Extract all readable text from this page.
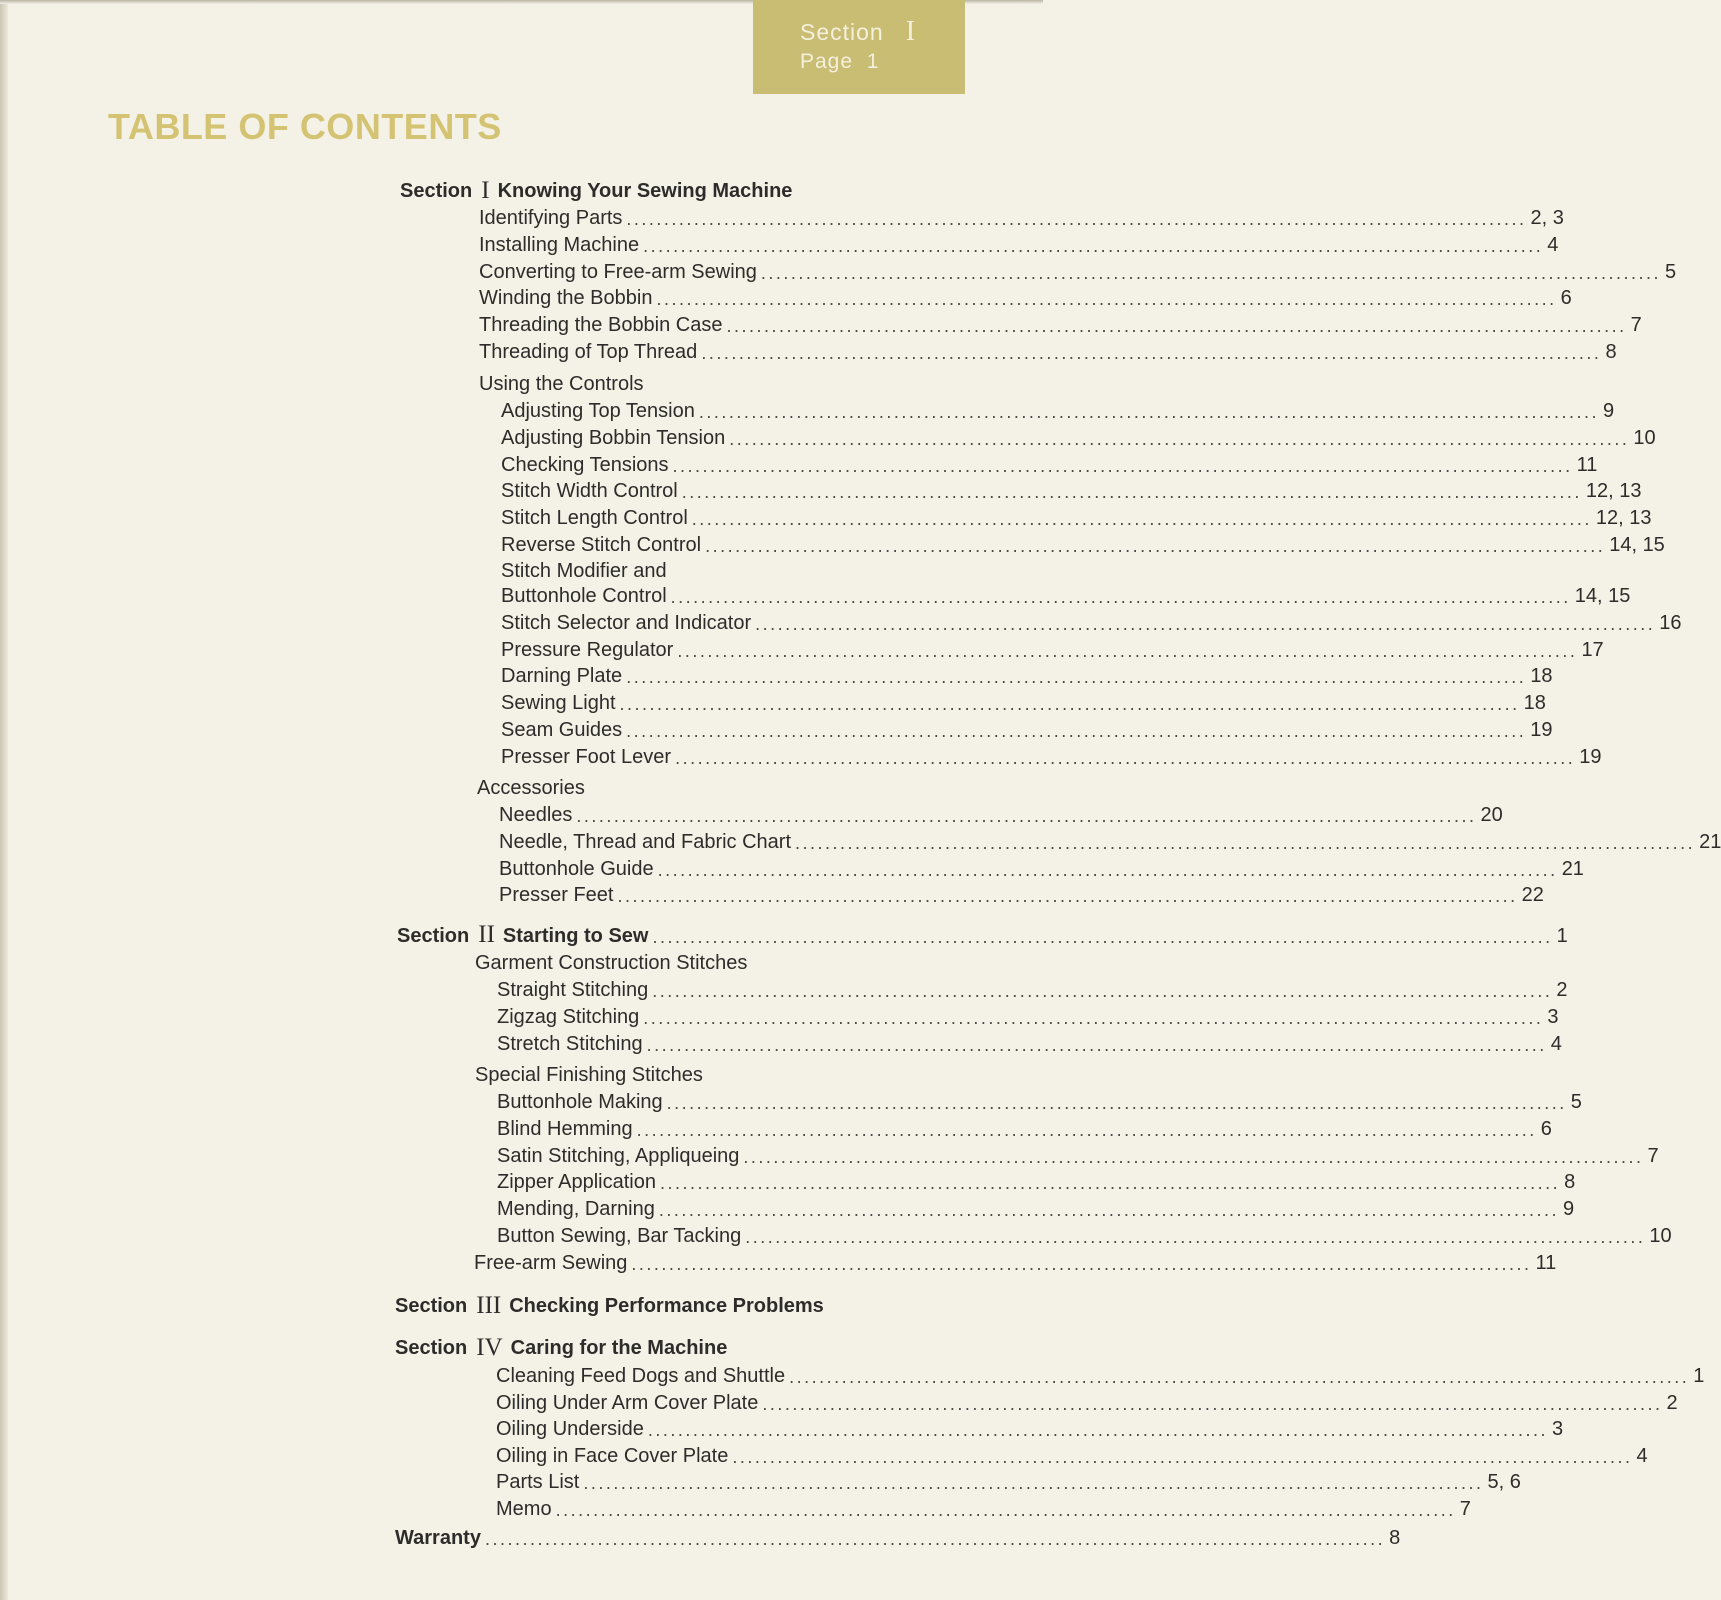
Section I
Page 1
TABLE OF CONTENTS
Section I Knowing Your Sewing Machine
Identifying Parts ........................................................................................................................ 2, 3
Installing Machine ........................................................................................................................ 4
Converting to Free-arm Sewing ........................................................................................................................ 5
Winding the Bobbin ........................................................................................................................ 6
Threading the Bobbin Case ........................................................................................................................ 7
Threading of Top Thread ........................................................................................................................ 8
Using the Controls
Adjusting Top Tension ........................................................................................................................ 9
Adjusting Bobbin Tension ........................................................................................................................ 10
Checking Tensions ........................................................................................................................ 11
Stitch Width Control ........................................................................................................................ 12, 13
Stitch Length Control ........................................................................................................................ 12, 13
Reverse Stitch Control ........................................................................................................................ 14, 15
Stitch Modifier and
Buttonhole Control ........................................................................................................................ 14, 15
Stitch Selector and Indicator ........................................................................................................................ 16
Pressure Regulator ........................................................................................................................ 17
Darning Plate ........................................................................................................................ 18
Sewing Light ........................................................................................................................ 18
Seam Guides ........................................................................................................................ 19
Presser Foot Lever ........................................................................................................................ 19
Accessories
Needles ........................................................................................................................ 20
Needle, Thread and Fabric Chart ........................................................................................................................ 21
Buttonhole Guide ........................................................................................................................ 21
Presser Feet ........................................................................................................................ 22
Section II Starting to Sew ........................................................................................................................ 1
Garment Construction Stitches
Straight Stitching ........................................................................................................................ 2
Zigzag Stitching ........................................................................................................................ 3
Stretch Stitching ........................................................................................................................ 4
Special Finishing Stitches
Buttonhole Making ........................................................................................................................ 5
Blind Hemming ........................................................................................................................ 6
Satin Stitching, Appliqueing ........................................................................................................................ 7
Zipper Application ........................................................................................................................ 8
Mending, Darning ........................................................................................................................ 9
Button Sewing, Bar Tacking ........................................................................................................................ 10
Free-arm Sewing ........................................................................................................................ 11
Section III Checking Performance Problems
Section IV Caring for the Machine
Cleaning Feed Dogs and Shuttle ........................................................................................................................ 1
Oiling Under Arm Cover Plate ........................................................................................................................ 2
Oiling Underside ........................................................................................................................ 3
Oiling in Face Cover Plate ........................................................................................................................ 4
Parts List ........................................................................................................................ 5, 6
Memo ........................................................................................................................ 7
Warranty ........................................................................................................................ 8
